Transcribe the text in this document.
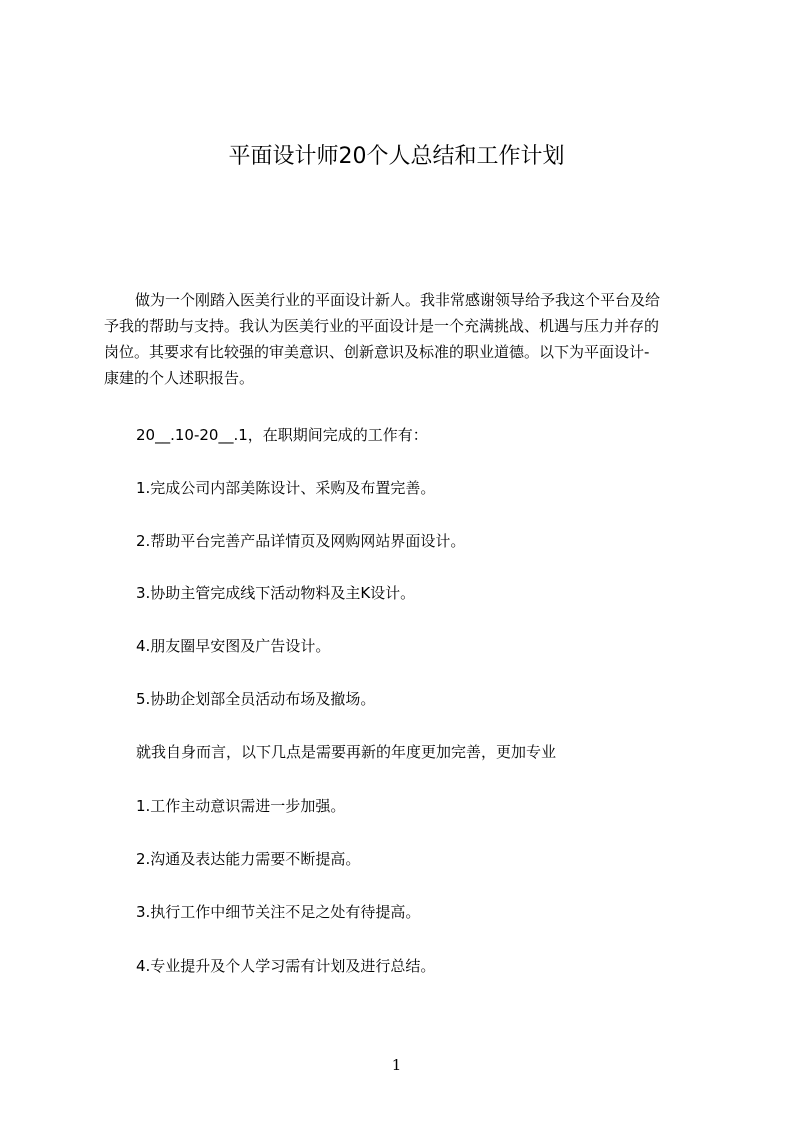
平面设计师20个人总结和工作计划
做为一个刚踏入医美行业的平面设计新人。我非常感谢领导给予我这个平台及给
予我的帮助与支持。我认为医美行业的平面设计是一个充满挑战、机遇与压力并存的
岗位。其要求有比较强的审美意识、创新意识及标准的职业道德。以下为平面设计-
康建的个人述职报告。
20__.10-20__.1，在职期间完成的工作有：
1.完成公司内部美陈设计、采购及布置完善。
2.帮助平台完善产品详情页及网购网站界面设计。
3.协助主管完成线下活动物料及主K设计。
4.朋友圈早安图及广告设计。
5.协助企划部全员活动布场及撤场。
就我自身而言，以下几点是需要再新的年度更加完善，更加专业
1.工作主动意识需进一步加强。
2.沟通及表达能力需要不断提高。
3.执行工作中细节关注不足之处有待提高。
4.专业提升及个人学习需有计划及进行总结。
1
